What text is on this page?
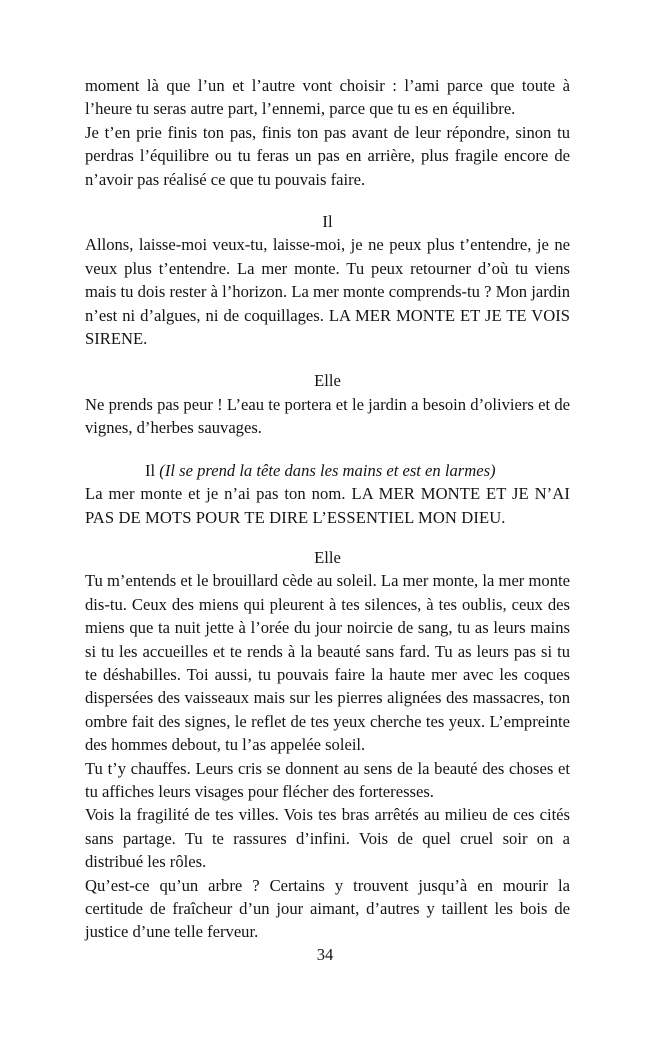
moment là que l’un et l’autre vont choisir : l’ami parce que toute à l’heure tu seras autre part, l’ennemi, parce que tu es en équilibre.

Je t’en prie finis ton pas, finis ton pas avant de leur répondre, sinon tu perdras l’équilibre ou tu feras un pas en arrière, plus fragile encore de n’avoir pas réalisé ce que tu pouvais faire.

Il

Allons, laisse-moi veux-tu, laisse-moi, je ne peux plus t’entendre, je ne veux plus t’entendre. La mer monte. Tu peux retourner d’où tu viens mais tu dois rester à l’horizon. La mer monte comprends-tu ? Mon jardin n’est ni d’algues, ni de coquillages. LA MER MONTE ET JE TE VOIS SIRENE.

Elle

Ne prends pas peur ! L’eau te portera et le jardin a besoin d’oliviers et de vignes, d’herbes sauvages.

Il (Il se prend la tête dans les mains et est en larmes)

La mer monte et je n’ai pas ton nom. LA MER MONTE ET JE N’AI PAS DE MOTS POUR TE DIRE L’ESSENTIEL MON DIEU.

Elle

Tu m’entends et le brouillard cède au soleil. La mer monte, la mer monte dis-tu. Ceux des miens qui pleurent à tes silences, à tes oublis, ceux des miens que ta nuit jette à l’orée du jour noircie de sang, tu as leurs mains si tu les accueilles et te rends à la beauté sans fard. Tu as leurs pas si tu te déshabilles. Toi aussi, tu pouvais faire la haute mer avec les coques dispersées des vaisseaux mais sur les pierres alignées des massacres, ton ombre fait des signes, le reflet de tes yeux cherche tes yeux. L’empreinte des hommes debout, tu l’as appelée soleil.

Tu t’y chauffes. Leurs cris se donnent au sens de la beauté des choses et tu affiches leurs visages pour flécher des forteresses.

Vois la fragilité de tes villes. Vois tes bras arrêtés au milieu de ces cités sans partage. Tu te rassures d’infini. Vois de quel cruel soir on a distribué les rôles.

Qu’est-ce qu’un arbre ? Certains y trouvent jusqu’à en mourir la certitude de fraîcheur d’un jour aimant, d’autres y taillent les bois de justice d’une telle ferveur.

34
